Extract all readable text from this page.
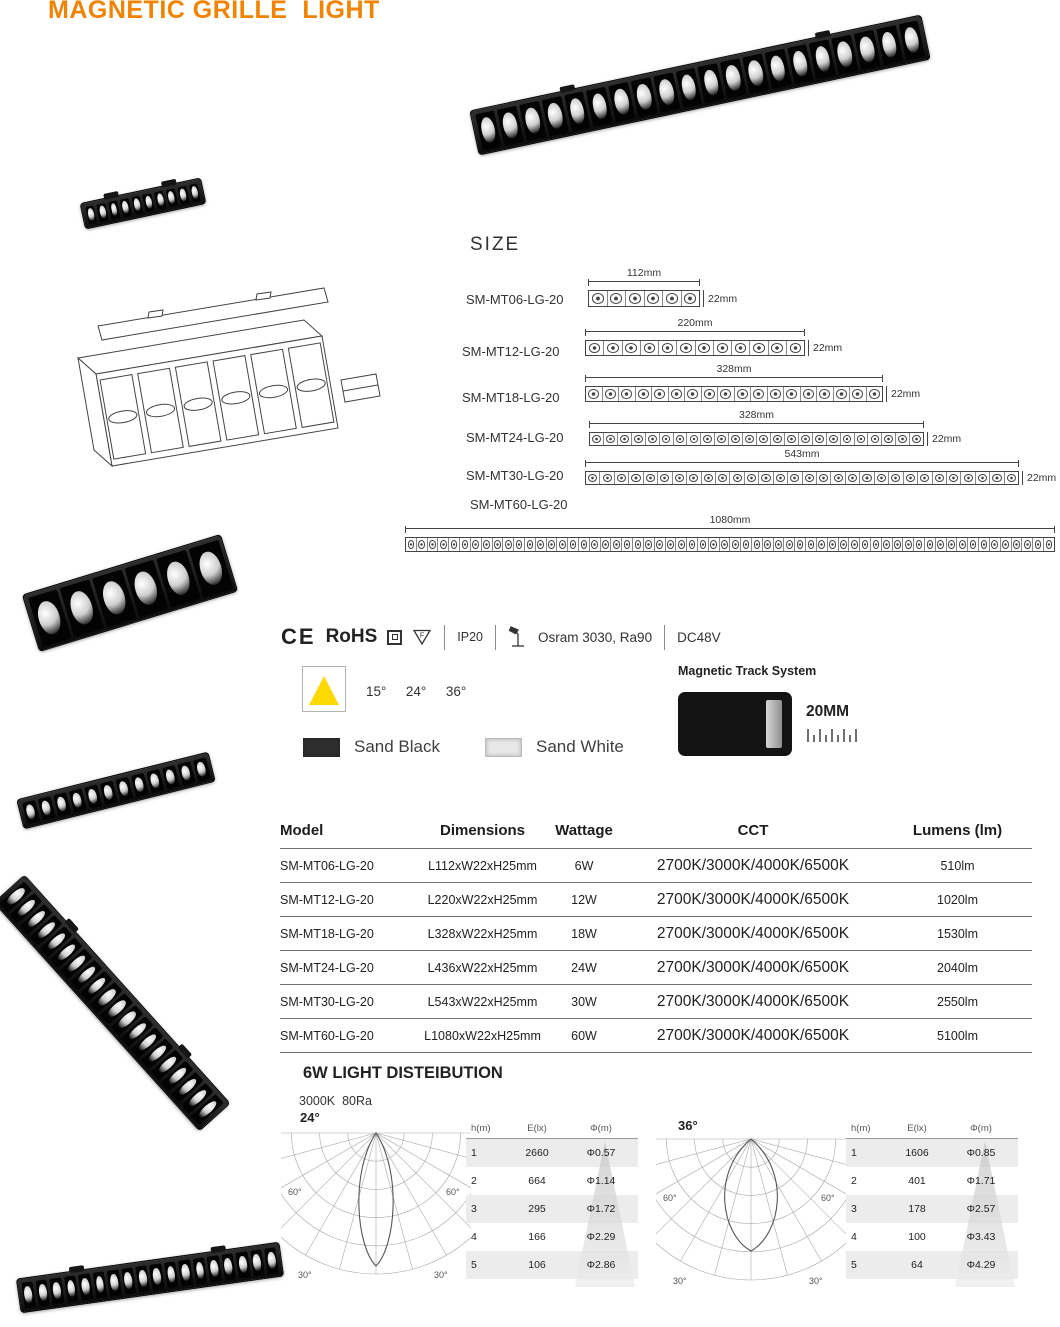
MAGNETIC GRILLE  LIGHT
SIZE
SM-MT06-LG-20
112mm
22mm
SM-MT12-LG-20
220mm
22mm
SM-MT18-LG-20
328mm
22mm
SM-MT24-LG-20
328mm
22mm
SM-MT30-LG-20
543mm
22mm
SM-MT60-LG-20
1080mm
CE RoHS	F	IP20	Osram 3030, Ra90 DC48V
15°  24°  36°
Sand Black	Sand White
Magnetic Track System
20MM
Model	Dimensions	Wattage	CCT	Lumens (lm)
SM-MT06-LG-20	L112xW22xH25mm	6W	2700K/3000K/4000K/6500K	510lm
SM-MT12-LG-20	L220xW22xH25mm	12W	2700K/3000K/4000K/6500K	1020lm
SM-MT18-LG-20	L328xW22xH25mm	18W	2700K/3000K/4000K/6500K	1530lm
SM-MT24-LG-20	L436xW22xH25mm	24W	2700K/3000K/4000K/6500K	2040lm
SM-MT30-LG-20	L543xW22xH25mm	30W	2700K/3000K/4000K/6500K	2550lm
SM-MT60-LG-20	L1080xW22xH25mm	60W	2700K/3000K/4000K/6500K	5100lm
6W LIGHT DISTEIBUTION
3000K  80Ra
24°
60°	60°
30°	30°
h(m)	E(lx)	Φ(m)
1	2660	Φ0.57
2	664	Φ1.14
3	295	Φ1.72
4	166	Φ2.29
5	106	Φ2.86
36°
60°	60°
30°	30°
h(m)	E(lx)	Φ(m)
1	1606	Φ0.85
2	401	Φ1.71
3	178	Φ2.57
4	100	Φ3.43
5	64	Φ4.29
